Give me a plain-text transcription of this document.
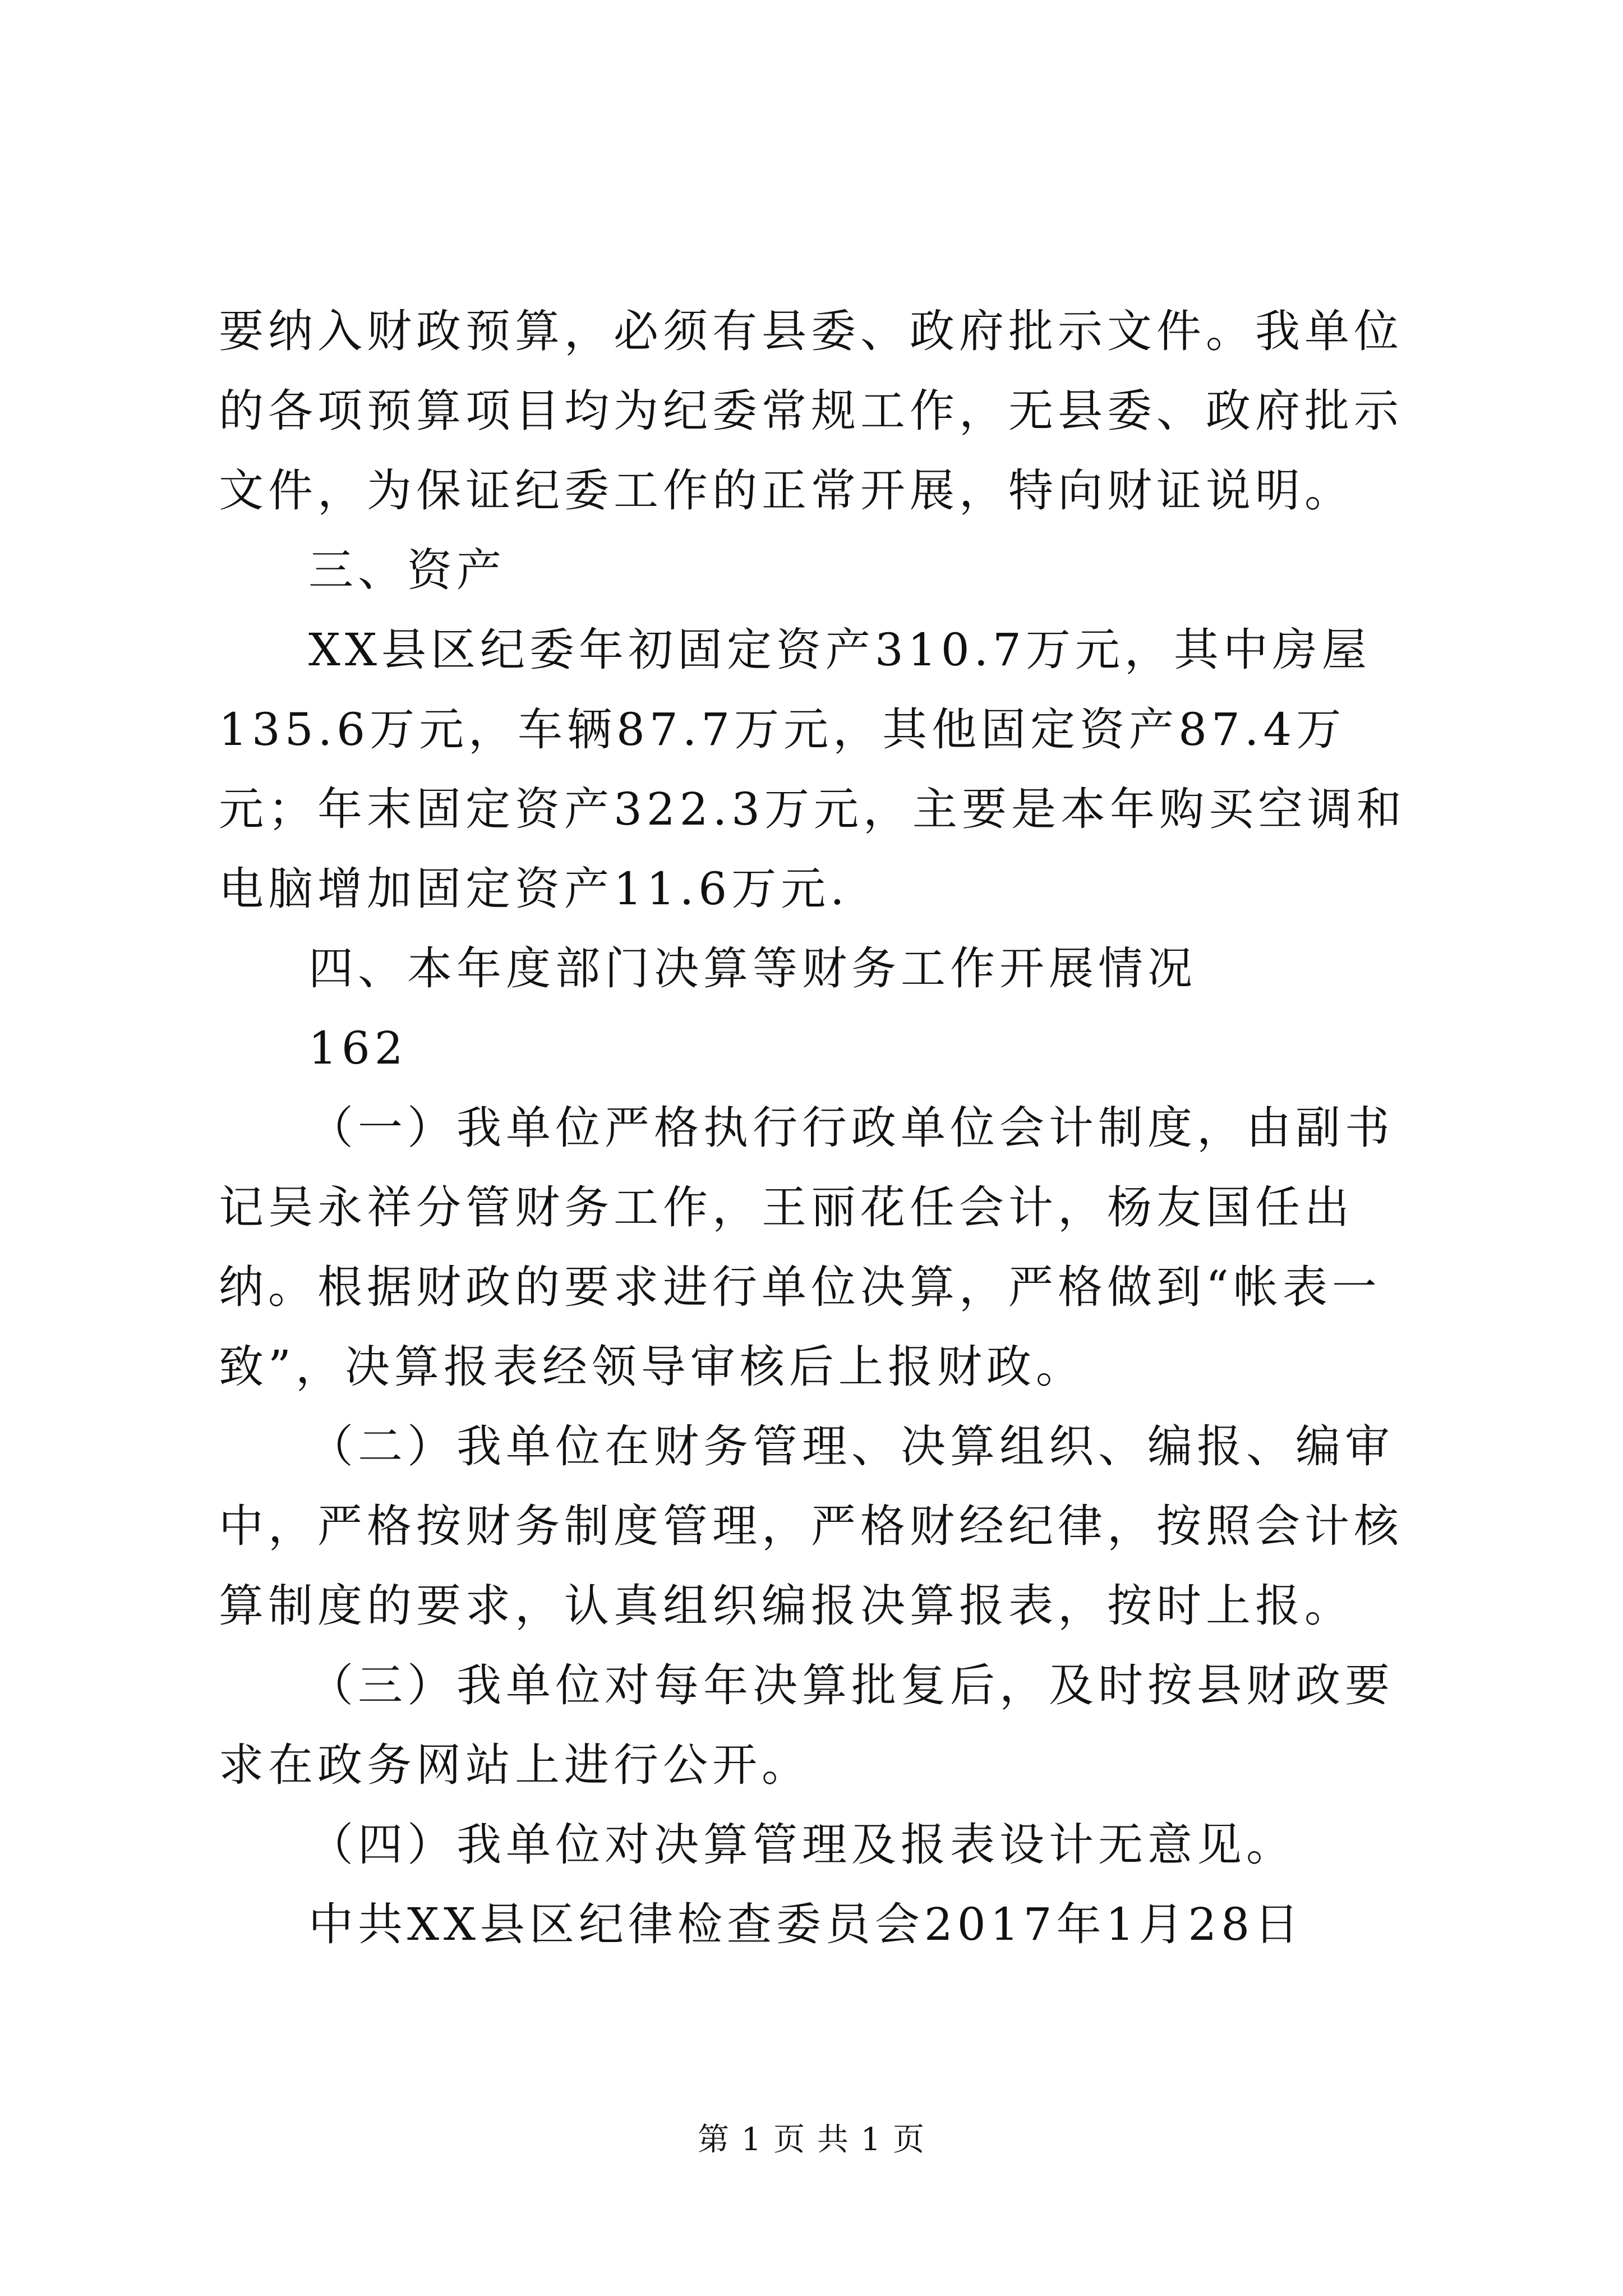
要纳入财政预算，必须有县委、政府批示文件。我单位的各项预算项目均为纪委常规工作，无县委、政府批示文件，为保证纪委工作的正常开展，特向财证说明。

三、资产

XX县区纪委年初固定资产310.7万元，其中房屋135.6万元，车辆87.7万元，其他固定资产87.4万元；年末固定资产322.3万元，主要是本年购买空调和电脑增加固定资产11.6万元.

四、本年度部门决算等财务工作开展情况

162

（一）我单位严格执行行政单位会计制度，由副书记吴永祥分管财务工作，王丽花任会计，杨友国任出纳。根据财政的要求进行单位决算，严格做到“帐表一致”，决算报表经领导审核后上报财政。

（二）我单位在财务管理、决算组织、编报、编审中，严格按财务制度管理，严格财经纪律，按照会计核算制度的要求，认真组织编报决算报表，按时上报。

（三）我单位对每年决算批复后，及时按县财政要求在政务网站上进行公开。

（四）我单位对决算管理及报表设计无意见。

中共XX县区纪律检查委员会2017年1月28日

第 1 页 共 1 页
